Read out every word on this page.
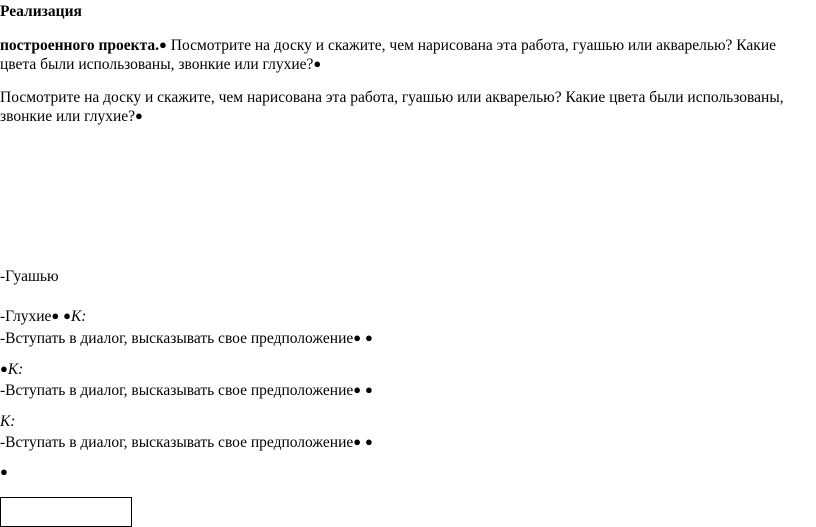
Реализация
построенного проекта.● Посмотрите на доску и скажите, чем нарисована эта работа, гуашью или акварелью? Какие
цвета были использованы, звонкие или глухие?●
Посмотрите на доску и скажите, чем нарисована эта работа, гуашью или акварелью? Какие цвета были использованы,
звонкие или глухие?●
-Гуашью
-Глухие● ●К:
-Вступать в диалог, высказывать свое предположение● ●
●К:
-Вступать в диалог, высказывать свое предположение● ●
К:
-Вступать в диалог, высказывать свое предположение● ●
●
